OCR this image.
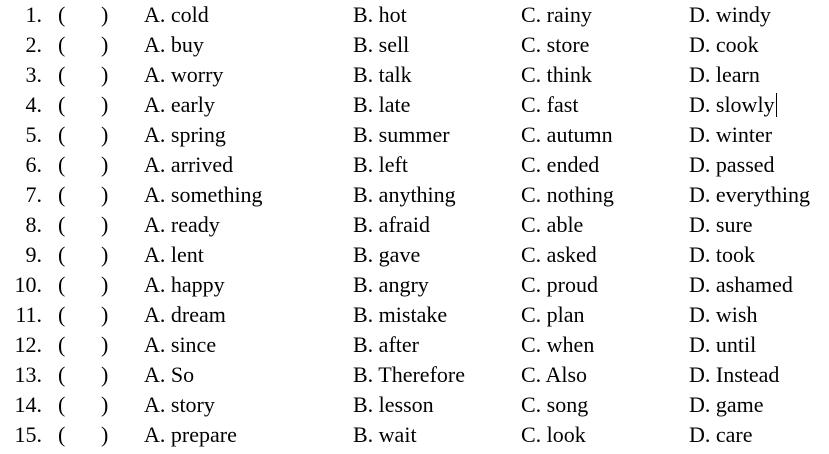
1. ( ) A. cold	B. hot	C. rainy	D. windy
2. ( ) A. buy	B. sell	C. store	D. cook
3. ( ) A. worry	B. talk	C. think	D. learn
4. ( ) A. early	B. late	C. fast	D. slowly
5. ( ) A. spring	B. summer	C. autumn	D. winter
6. ( ) A. arrived	B. left	C. ended	D. passed
7. ( ) A. something	B. anything	C. nothing	D. everything
8. ( ) A. ready	B. afraid	C. able	D. sure
9. ( ) A. lent	B. gave	C. asked	D. took
10. ( ) A. happy	B. angry	C. proud	D. ashamed
11. ( ) A. dream	B. mistake	C. plan	D. wish
12. ( ) A. since	B. after	C. when	D. until
13. ( ) A. So	B. Therefore	C. Also	D. Instead
14. ( ) A. story	B. lesson	C. song	D. game
15. ( ) A. prepare	B. wait	C. look	D. care
